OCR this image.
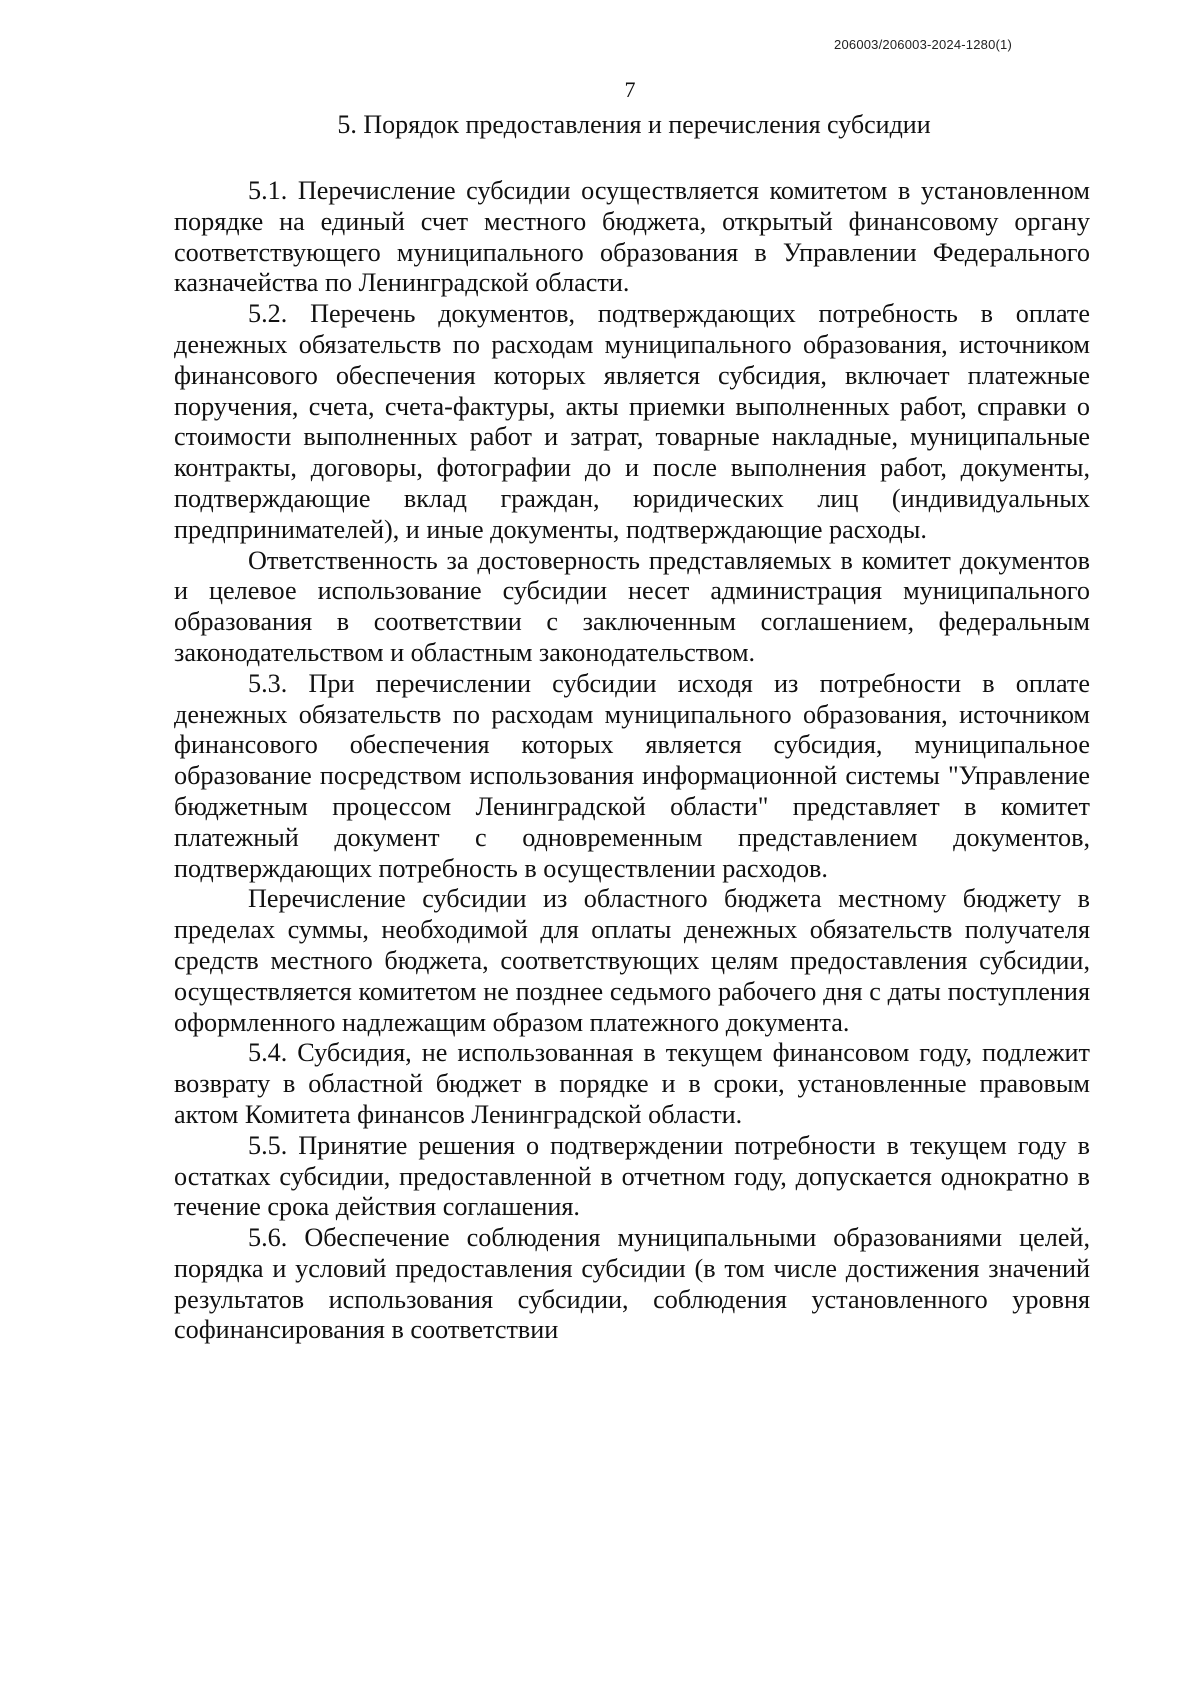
206003/206003-2024-1280(1)
7
5. Порядок предоставления и перечисления субсидии

5.1. Перечисление субсидии осуществляется комитетом в установленном порядке на единый счет местного бюджета, открытый финансовому органу соответствующего муниципального образования в Управлении Федерального казначейства по Ленинградской области.

5.2. Перечень документов, подтверждающих потребность в оплате денежных обязательств по расходам муниципального образования, источником финансового обеспечения которых является субсидия, включает платежные поручения, счета, счета-фактуры, акты приемки выполненных работ, справки о стоимости выполненных работ и затрат, товарные накладные, муниципальные контракты, договоры, фотографии до и после выполнения работ, документы, подтверждающие вклад граждан, юридических лиц (индивидуальных предпринимателей), и иные документы, подтверждающие расходы.

Ответственность за достоверность представляемых в комитет документов и целевое использование субсидии несет администрация муниципального образования в соответствии с заключенным соглашением, федеральным законодательством и областным законодательством.

5.3. При перечислении субсидии исходя из потребности в оплате денежных обязательств по расходам муниципального образования, источником финансового обеспечения которых является субсидия, муниципальное образование посредством использования информационной системы "Управление бюджетным процессом Ленинградской области" представляет в комитет платежный документ с одновременным представлением документов, подтверждающих потребность в осуществлении расходов.

Перечисление субсидии из областного бюджета местному бюджету в пределах суммы, необходимой для оплаты денежных обязательств получателя средств местного бюджета, соответствующих целям предоставления субсидии, осуществляется комитетом не позднее седьмого рабочего дня с даты поступления оформленного надлежащим образом платежного документа.

5.4. Субсидия, не использованная в текущем финансовом году, подлежит возврату в областной бюджет в порядке и в сроки, установленные правовым актом Комитета финансов Ленинградской области.

5.5. Принятие решения о подтверждении потребности в текущем году в остатках субсидии, предоставленной в отчетном году, допускается однократно в течение срока действия соглашения.

5.6. Обеспечение соблюдения муниципальными образованиями целей, порядка и условий предоставления субсидии (в том числе достижения значений результатов использования субсидии, соблюдения установленного уровня софинансирования в соответствии
